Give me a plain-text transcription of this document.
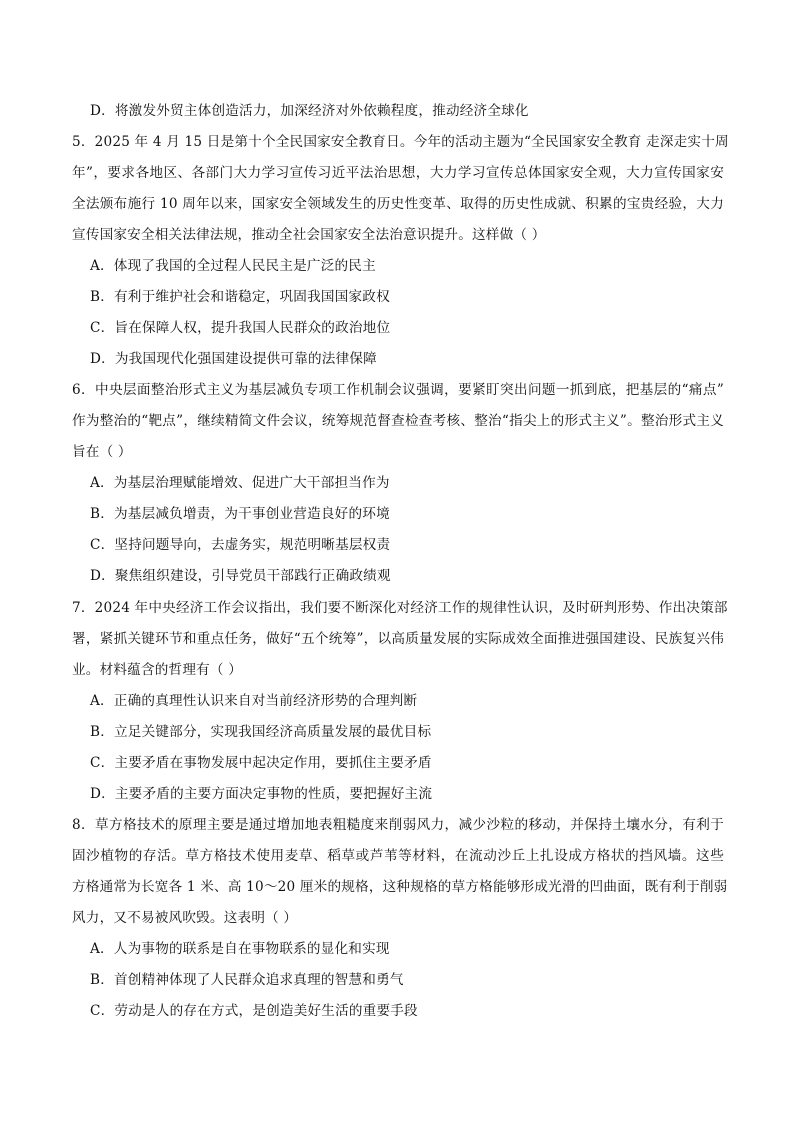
D．将激发外贸主体创造活力，加深经济对外依赖程度，推动经济全球化
5．2025 年 4 月 15 日是第十个全民国家安全教育日。今年的活动主题为“全民国家安全教育 走深走实十周
年”，要求各地区、各部门大力学习宣传习近平法治思想，大力学习宣传总体国家安全观，大力宣传国家安
全法颁布施行 10 周年以来，国家安全领域发生的历史性变革、取得的历史性成就、积累的宝贵经验，大力
宣传国家安全相关法律法规，推动全社会国家安全法治意识提升。这样做（ ）
A．体现了我国的全过程人民民主是广泛的民主
B．有利于维护社会和谐稳定，巩固我国国家政权
C．旨在保障人权，提升我国人民群众的政治地位
D．为我国现代化强国建设提供可靠的法律保障
6．中央层面整治形式主义为基层减负专项工作机制会议强调，要紧盯突出问题一抓到底，把基层的“痛点”
作为整治的“靶点”，继续精简文件会议，统筹规范督查检查考核、整治“指尖上的形式主义”。整治形式主义
旨在（ ）
A．为基层治理赋能增效、促进广大干部担当作为
B．为基层减负增责，为干事创业营造良好的环境
C．坚持问题导向，去虚务实，规范明晰基层权责
D．聚焦组织建设，引导党员干部践行正确政绩观
7．2024 年中央经济工作会议指出，我们要不断深化对经济工作的规律性认识，及时研判形势、作出决策部
署，紧抓关键环节和重点任务，做好“五个统筹”，以高质量发展的实际成效全面推进强国建设、民族复兴伟
业。材料蕴含的哲理有（ ）
A．正确的真理性认识来自对当前经济形势的合理判断
B．立足关键部分，实现我国经济高质量发展的最优目标
C．主要矛盾在事物发展中起决定作用，要抓住主要矛盾
D．主要矛盾的主要方面决定事物的性质，要把握好主流
8．草方格技术的原理主要是通过增加地表粗糙度来削弱风力，减少沙粒的移动，并保持土壤水分，有利于
固沙植物的存活。草方格技术使用麦草、稻草或芦苇等材料，在流动沙丘上扎设成方格状的挡风墙。这些
方格通常为长宽各 1 米、高 10～20 厘米的规格，这种规格的草方格能够形成光滑的凹曲面，既有利于削弱
风力，又不易被风吹毁。这表明（ ）
A．人为事物的联系是自在事物联系的显化和实现
B．首创精神体现了人民群众追求真理的智慧和勇气
C．劳动是人的存在方式，是创造美好生活的重要手段
